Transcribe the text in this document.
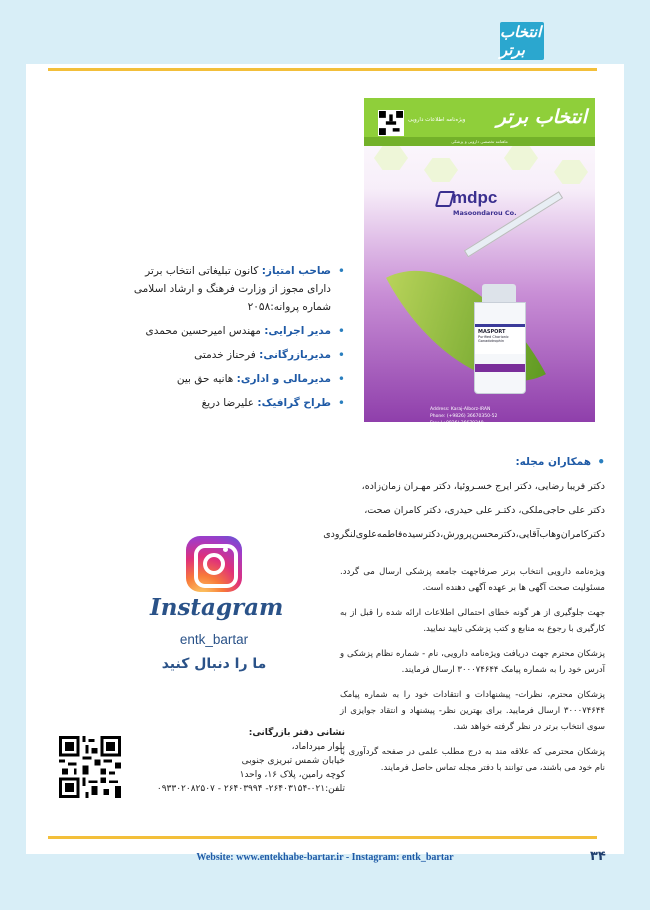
انتخاب برتر
ویژه‌نامه اطلاعات دارویی انتخاب برتر
ماهنامه تخصصی دارویی و پزشکی
mdpc
Masoondarou Co.
MASPORT
Purified Chorionic Gonadotrophin
Address: Karaj-Alborz-IRAN
Phone: (+9826) 36670350-52
Fax: (+9826) 36670349
Website: www.masoondarou.com
Email: info@masoondarou.com
• صاحب امتیاز: کانون تبلیغاتی انتخاب برتر دارای مجوز از وزارت فرهنگ و ارشاد اسلامی شماره پروانه:۲۰۵۸
• مدیر اجرایی: مهندس امیرحسین محمدی
• مدیربازرگانی: فرحناز خدمتی
• مدیرمالی و اداری: هانیه حق بین
• طراح گرافیک: علیرضا دریغ
• همکاران مجله:

دکتر فریبا رضایی، دکتر ایرج خسـروئیا، دکتر مهـران زمان‌زاده،

دکتر علی حاجی‌ملکی، دکتـر علی حیدری، دکتر کامران صحت،

دکترکامران‌وهاب‌آقایی،دکترمحسن‌پرورش،دکترسیده‌فاطمه‌علوی‌لنگرودی

ویژه‌نامه دارویی انتخاب برتر صرفاجهت جامعه پزشکی ارسال می گردد. مسئولیت صحت آگهی ها بر عهده آگهی دهنده است.

جهت جلوگیری از هر گونه خطای احتمالی اطلاعات ارائه شده را قبل از به کارگیری با رجوع به منابع و کتب پزشکی تایید نمایید.

پزشکان محترم جهت دریافت ویژه‌نامه دارویی، نام - شماره نظام پزشکی و آدرس خود را به شماره پیامک ۳۰۰۰۷۴۶۴۴ ارسال فرمایند.

پزشکان محترم، نظرات- پیشنهادات و انتقادات خود را به شماره پیامک ۳۰۰۰۷۴۶۴۴ ارسال فرمایید. برای بهترین نظر- پیشنهاد و انتقاد جوایزی از سوی انتخاب برتر در نظر گرفته خواهد شد.

پزشکان محترمی که علاقه مند به درج مطلب علمی در صفحه گردآوری با نام خود می باشند، می توانند با دفتر مجله تماس حاصل فرمایند.

Instagram
entk_bartar
ما را دنبال کنید
نشانی دفتر بازرگانی:
بلوار میرداماد،
خیابان شمس تبریزی جنوبی
کوچه رامین، پلاک ۱۶، واحد۱
تلفن:۰۲۱-۲۶۴۰۳۱۵۴- ۲۶۴۰۳۹۹۴ - ۰۹۳۳۰۲۰۸۲۵۰۷
Website: www.entekhabe-bartar.ir - Instagram: entk_bartar	۳۴
